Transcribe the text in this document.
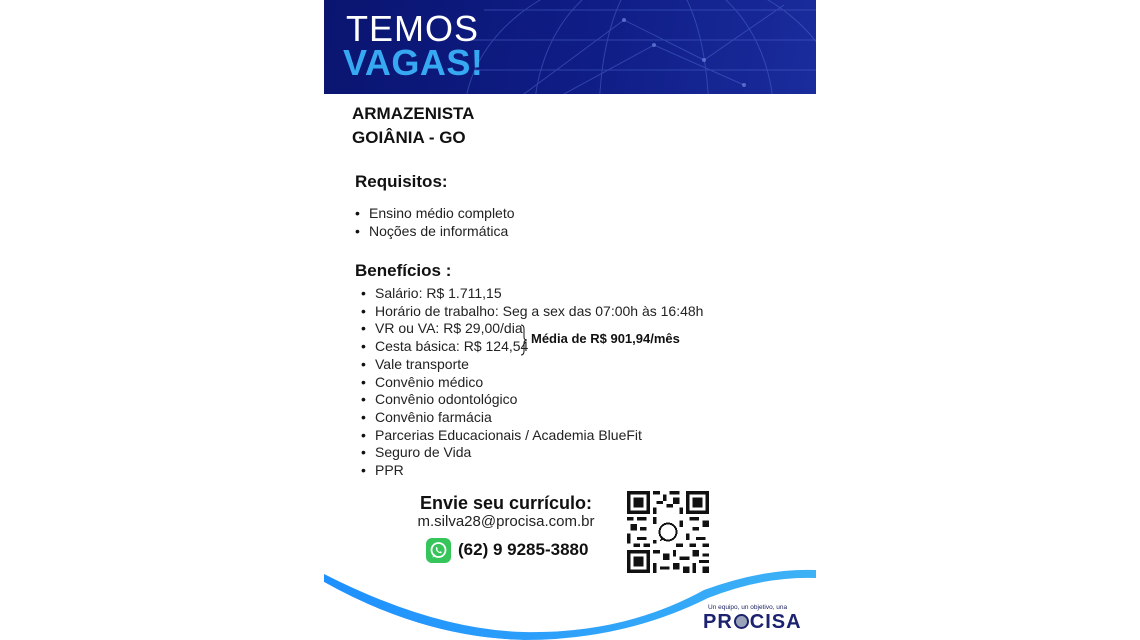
TEMOS
VAGAS!
ARMAZENISTA
GOIÂNIA - GO
Requisitos:
• Ensino médio completo
• Noções de informática
Benefícios :
• Salário: R$ 1.711,15
• Horário de trabalho: Seg a sex das 07:00h às 16:48h
• VR ou VA: R$ 29,00/dia
• Cesta básica: R$ 124,54
• Vale transporte
• Convênio médico
• Convênio odontológico
• Convênio farmácia
• Parcerias Educacionais / Academia BlueFit
• Seguro de Vida
• PPR
Média de R$ 901,94/mês
Envie seu currículo:
m.silva28@procisa.com.br
(62) 9 9285-3880
Un equipo, un objetivo, una
PR CISA
